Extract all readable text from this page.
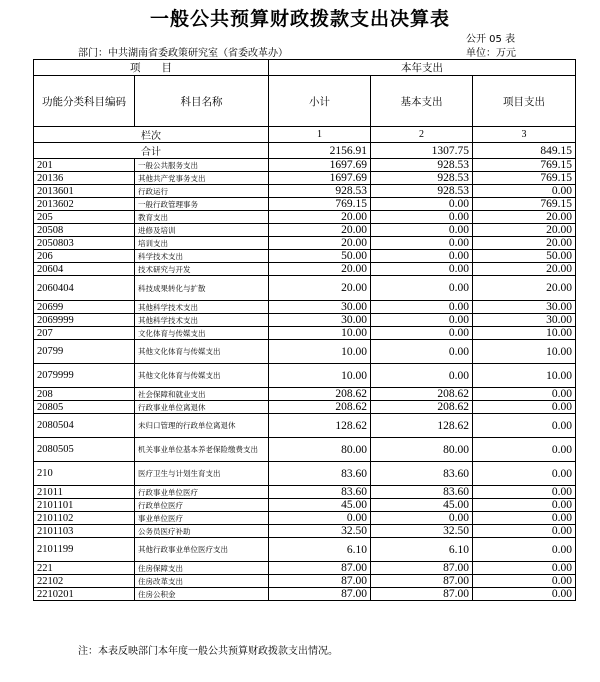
一般公共预算财政拨款支出决算表
公开 05 表
部门：中共湖南省委政策研究室（省委改革办）	单位：万元
项　　目		本年支出		
功能分类科目编码	科目名称	小计	基本支出	项目支出
栏次		1	2	3
合计		2156.91	1307.75	849.15
201	一般公共服务支出	1697.69	928.53	769.15
20136	其他共产党事务支出	1697.69	928.53	769.15
2013601	行政运行	928.53	928.53	0.00
2013602	一般行政管理事务	769.15	0.00	769.15
205	教育支出	20.00	0.00	20.00
20508	进修及培训	20.00	0.00	20.00
2050803	培训支出	20.00	0.00	20.00
206	科学技术支出	50.00	0.00	50.00
20604	技术研究与开发	20.00	0.00	20.00
2060404	科技成果转化与扩散	20.00	0.00	20.00
20699	其他科学技术支出	30.00	0.00	30.00
2069999	其他科学技术支出	30.00	0.00	30.00
207	文化体育与传媒支出	10.00	0.00	10.00
20799	其他文化体育与传媒支出	10.00	0.00	10.00
2079999	其他文化体育与传媒支出	10.00	0.00	10.00
208	社会保障和就业支出	208.62	208.62	0.00
20805	行政事业单位离退休	208.62	208.62	0.00
2080504	未归口管理的行政单位离退休	128.62	128.62	0.00
2080505	机关事业单位基本养老保险缴费支出	80.00	80.00	0.00
210	医疗卫生与计划生育支出	83.60	83.60	0.00
21011	行政事业单位医疗	83.60	83.60	0.00
2101101	行政单位医疗	45.00	45.00	0.00
2101102	事业单位医疗	0.00	0.00	0.00
2101103	公务员医疗补助	32.50	32.50	0.00
2101199	其他行政事业单位医疗支出	6.10	6.10	0.00
221	住房保障支出	87.00	87.00	0.00
22102	住房改革支出	87.00	87.00	0.00
2210201	住房公积金	87.00	87.00	0.00
注：本表反映部门本年度一般公共预算财政拨款支出情况。
